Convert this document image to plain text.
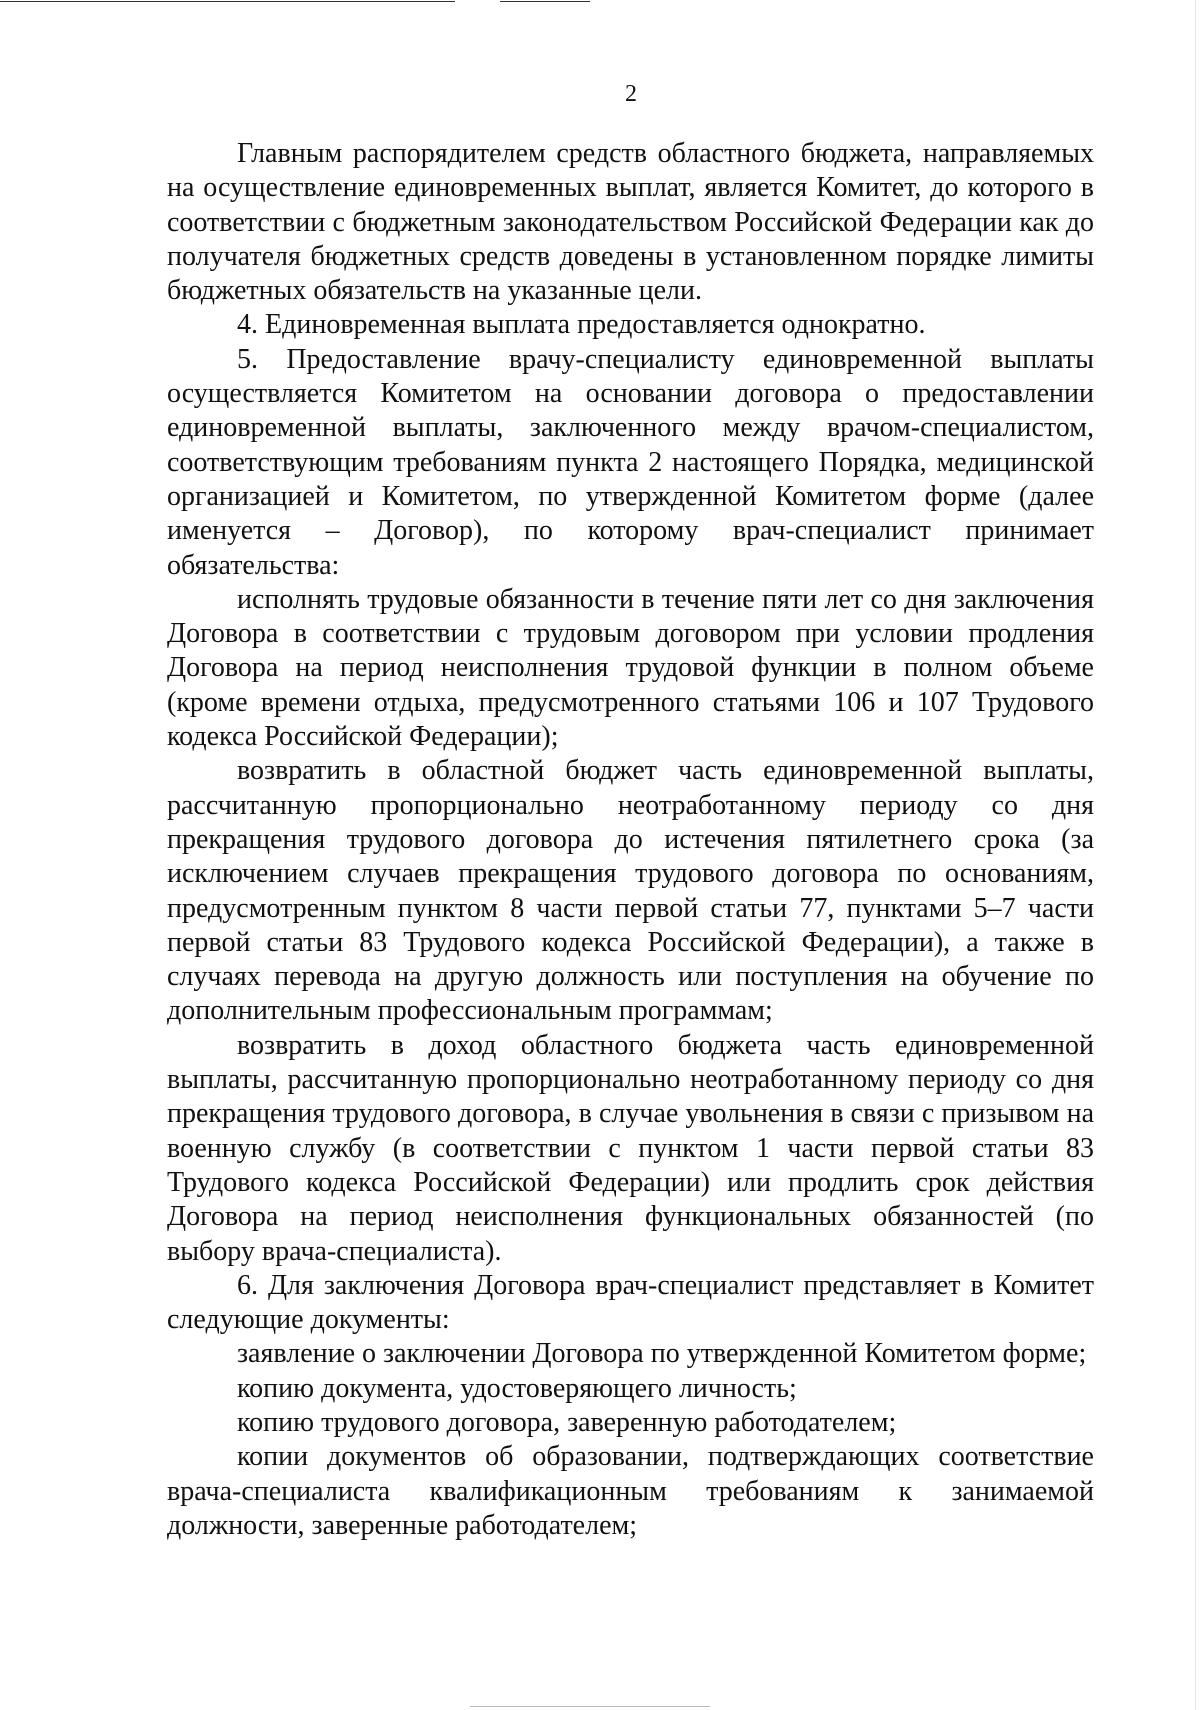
2

Главным распорядителем средств областного бюджета, направляемых на осуществление единовременных выплат, является Комитет, до которого в соответствии с бюджетным законодательством Российской Федерации как до получателя бюджетных средств доведены в установленном порядке лимиты бюджетных обязательств на указанные цели.

4. Единовременная выплата предоставляется однократно.

5. Предоставление врачу-специалисту единовременной выплаты осуществляется Комитетом на основании договора о предоставлении единовременной выплаты, заключенного между врачом-специалистом, соответствующим требованиям пункта 2 настоящего Порядка, медицинской организацией и Комитетом, по утвержденной Комитетом форме (далее именуется – Договор), по которому врач-специалист принимает обязательства:

исполнять трудовые обязанности в течение пяти лет со дня заключения Договора в соответствии с трудовым договором при условии продления Договора на период неисполнения трудовой функции в полном объеме (кроме времени отдыха, предусмотренного статьями 106 и 107 Трудового кодекса Российской Федерации);

возвратить в областной бюджет часть единовременной выплаты, рассчитанную пропорционально неотработанному периоду со дня прекращения трудового договора до истечения пятилетнего срока (за исключением случаев прекращения трудового договора по основаниям, предусмотренным пунктом 8 части первой статьи 77, пунктами 5–7 части первой статьи 83 Трудового кодекса Российской Федерации), а также в случаях перевода на другую должность или поступления на обучение по дополнительным профессиональным программам;

возвратить в доход областного бюджета часть единовременной выплаты, рассчитанную пропорционально неотработанному периоду со дня прекращения трудового договора, в случае увольнения в связи с призывом на военную службу (в соответствии с пунктом 1 части первой статьи 83 Трудового кодекса Российской Федерации) или продлить срок действия Договора на период неисполнения функциональных обязанностей (по выбору врача-специалиста).

6. Для заключения Договора врач-специалист представляет в Комитет следующие документы:

заявление о заключении Договора по утвержденной Комитетом форме;

копию документа, удостоверяющего личность;

копию трудового договора, заверенную работодателем;

копии документов об образовании, подтверждающих соответствие врача-специалиста квалификационным требованиям к занимаемой должности, заверенные работодателем;
